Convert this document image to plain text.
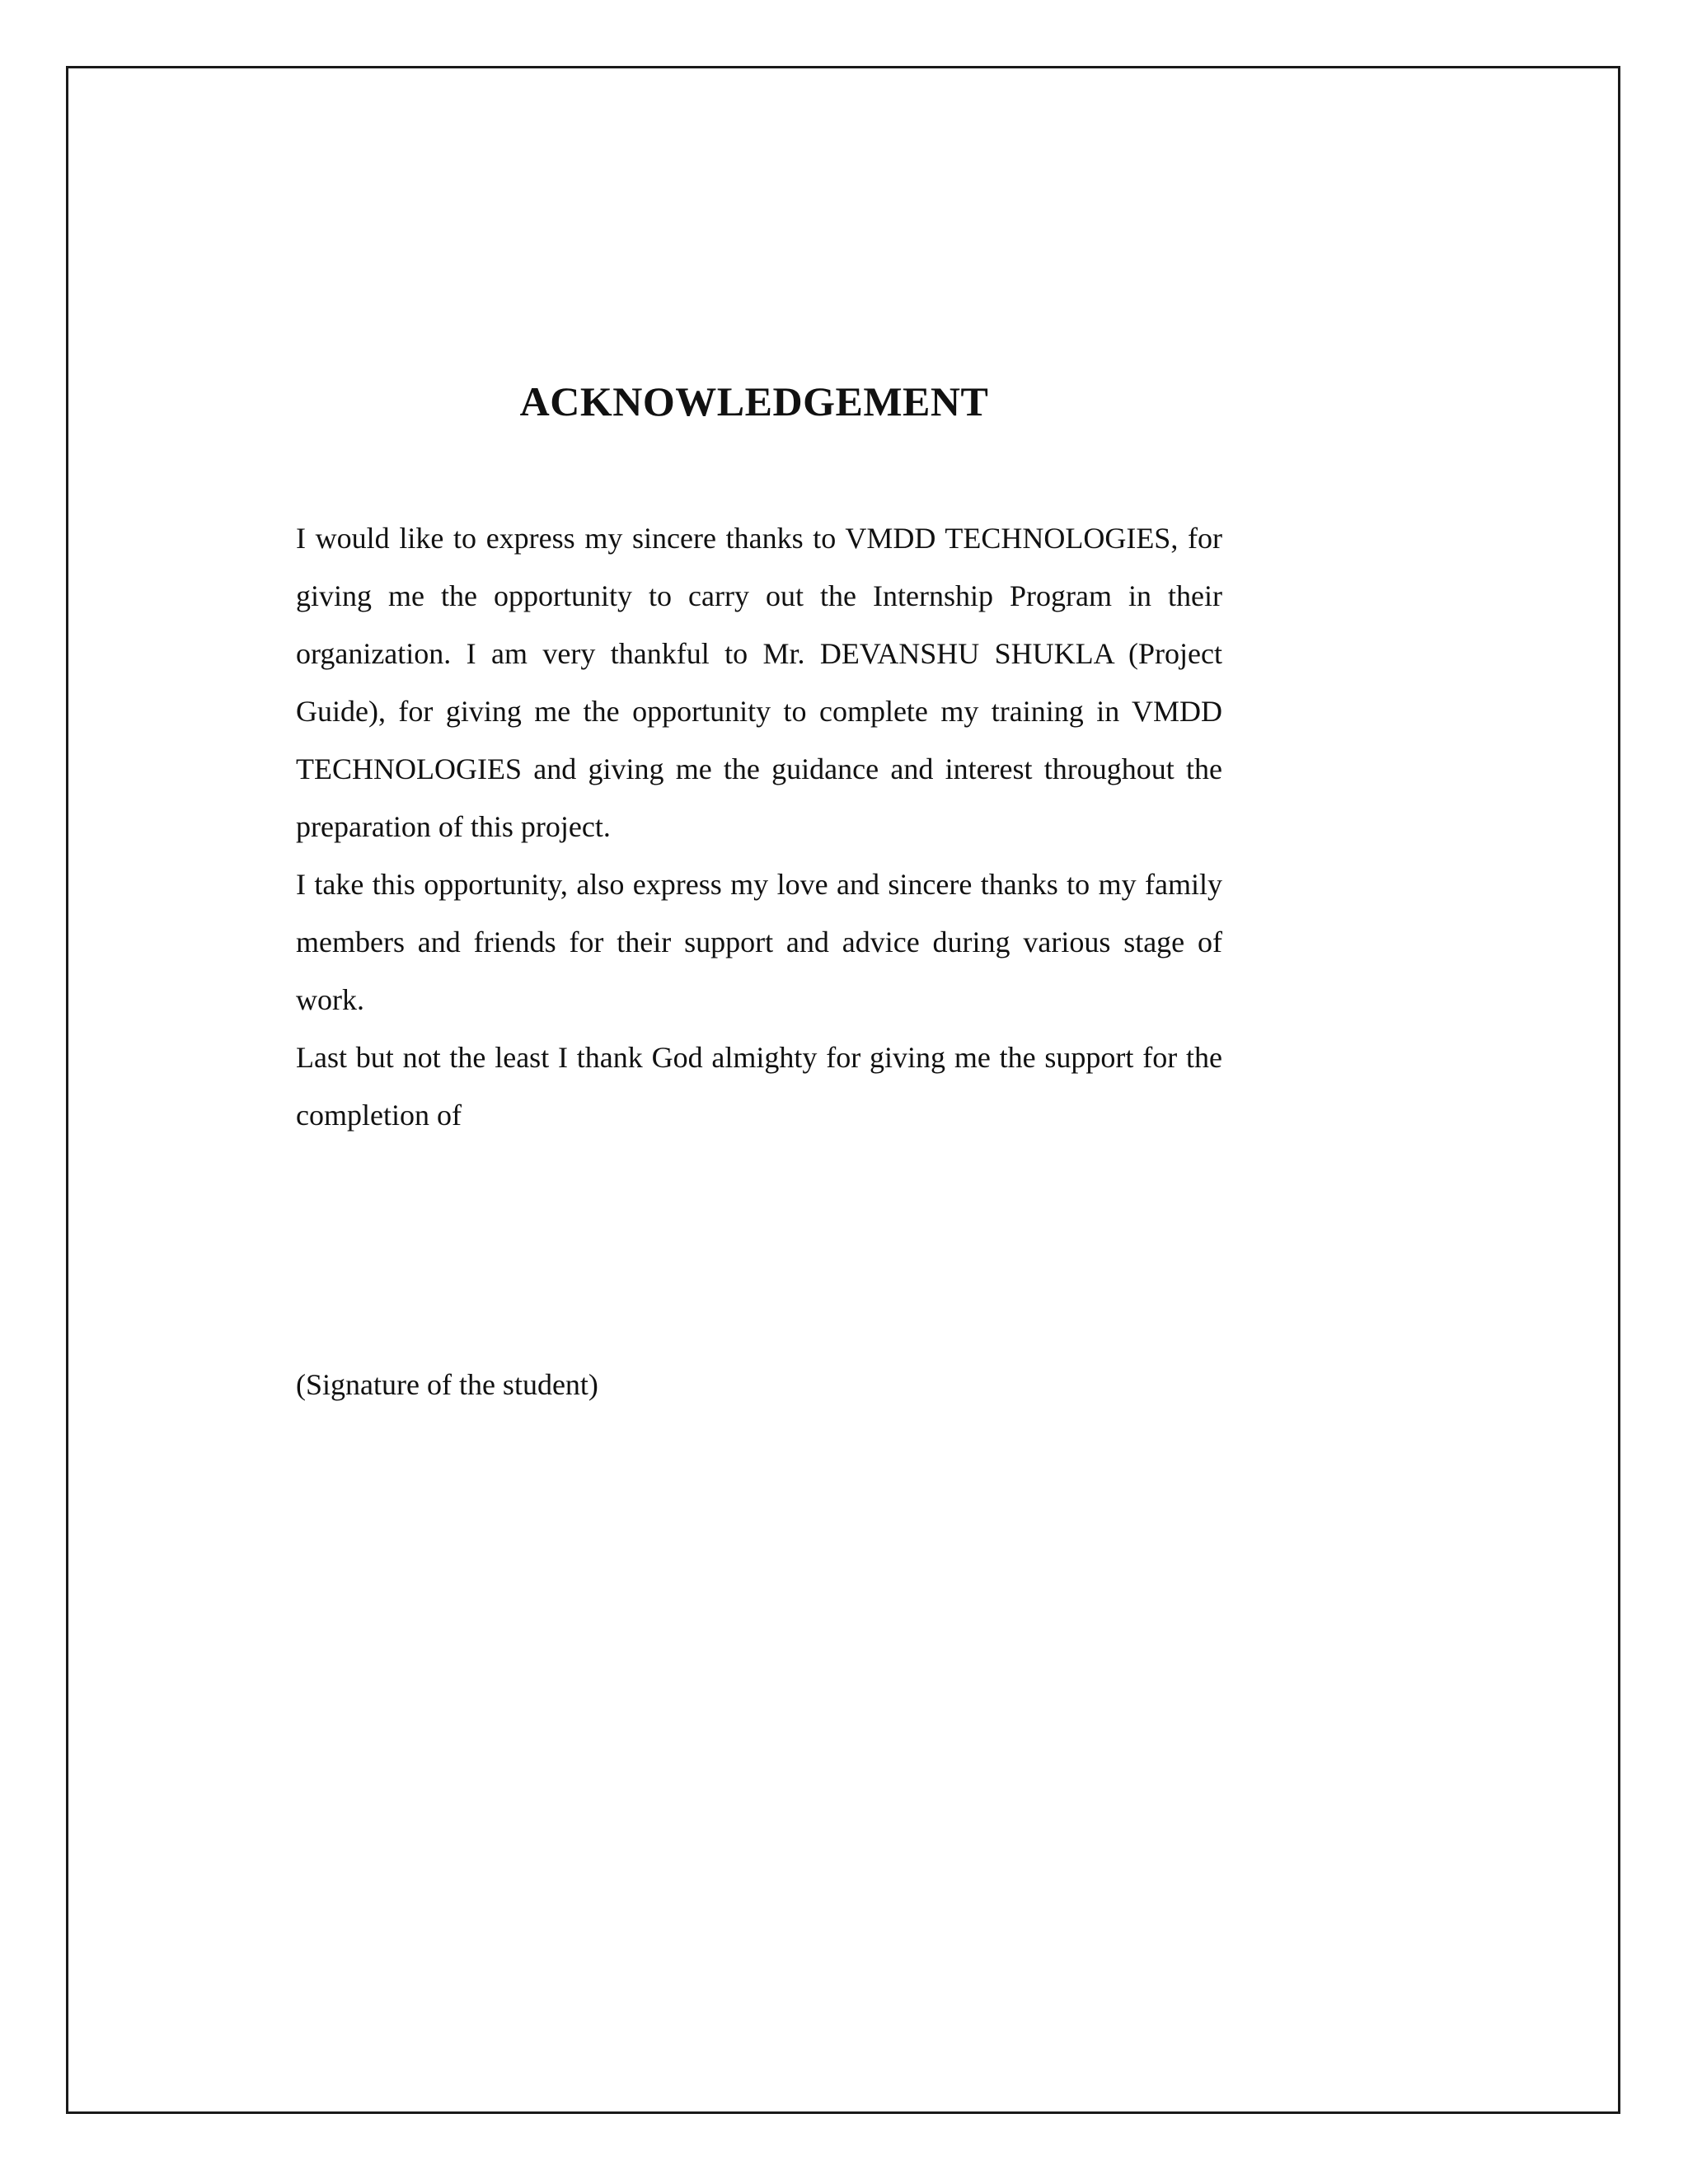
ACKNOWLEDGEMENT

I would like to express my sincere thanks to VMDD TECHNOLOGIES, for giving me the opportunity to carry out the Internship Program in their organization. I am very thankful to Mr. DEVANSHU SHUKLA (Project Guide), for giving me the opportunity to complete my training in VMDD TECHNOLOGIES and giving me the guidance and interest throughout the preparation of this project.

I take this opportunity, also express my love and sincere thanks to my family members and friends for their support and advice during various stage of work.

Last but not the least I thank God almighty for giving me the support for the completion of

(Signature of the student)
